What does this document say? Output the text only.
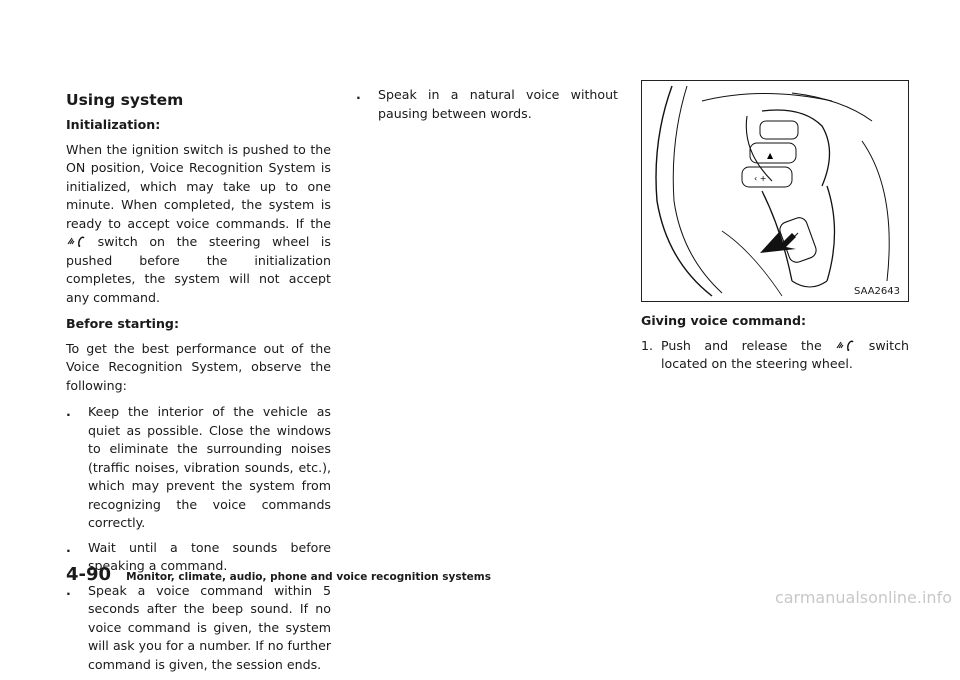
Using system
Initialization:

When the ignition switch is pushed to the ON position, Voice Recognition System is initialized, which may take up to one minute. When completed, the system is ready to accept voice commands. If the  switch on the steering wheel is pushed before the initialization completes, the system will not accept any command.

Before starting:

To get the best performance out of the Voice Recognition System, observe the following:

. Keep the interior of the vehicle as quiet as possible. Close the windows to eliminate the surrounding noises (traffic noises, vibration sounds, etc.), which may prevent the system from recognizing the voice commands correctly.
. Wait until a tone sounds before speaking a command.
. Speak a voice command within 5 seconds after the beep sound. If no voice command is given, the system will ask you for a number. If no further command is given, the session ends.
. Speak in a natural voice without pausing between words.
▲
‹ +
SAA2643
Giving voice command:
1. Push and release the	switch located on the steering wheel.
4-90 Monitor, climate, audio, phone and voice recognition systems
carmanualsonline.info
